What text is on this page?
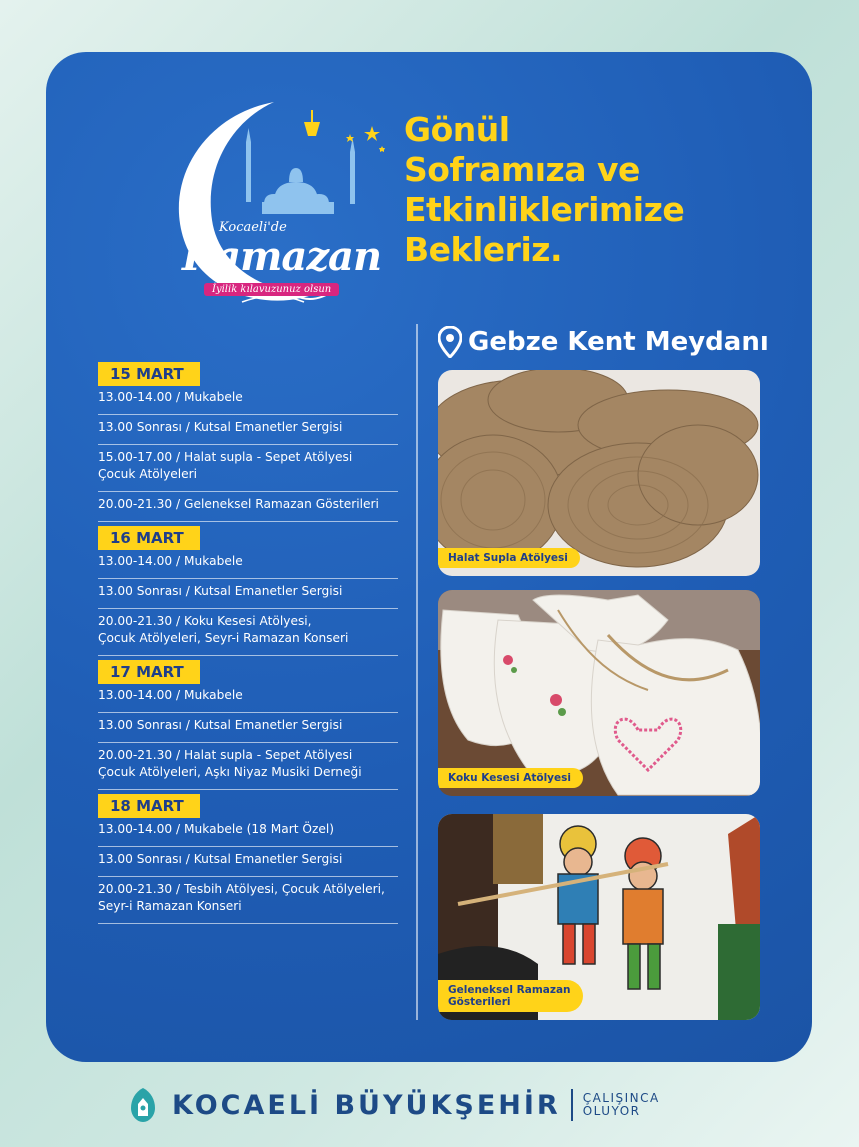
Kocaeli'de
Ramazan
İyilik kılavuzunuz olsun
Gönül
Soframıza ve
Etkinliklerimize
Bekleriz.
Gebze Kent Meydanı
15 MART
13.00-14.00 / Mukabele
13.00 Sonrası / Kutsal Emanetler Sergisi
15.00-17.00 / Halat supla - Sepet Atölyesi
Çocuk Atölyeleri
20.00-21.30 / Geleneksel Ramazan Gösterileri
16 MART
13.00-14.00 / Mukabele
13.00 Sonrası / Kutsal Emanetler Sergisi
20.00-21.30 / Koku Kesesi Atölyesi,
Çocuk Atölyeleri, Seyr-i Ramazan Konseri
17 MART
13.00-14.00 / Mukabele
13.00 Sonrası / Kutsal Emanetler Sergisi
20.00-21.30 / Halat supla - Sepet Atölyesi
Çocuk Atölyeleri, Aşkı Niyaz Musiki Derneği
18 MART
13.00-14.00 / Mukabele (18 Mart Özel)
13.00 Sonrası / Kutsal Emanetler Sergisi
20.00-21.30 / Tesbih Atölyesi, Çocuk Atölyeleri,
Seyr-i Ramazan Konseri
Halat Supla Atölyesi
Koku Kesesi Atölyesi
Geleneksel Ramazan
Gösterileri
KOCAELİ BÜYÜKŞEHİR ÇALIŞINCA
OLUYOR
